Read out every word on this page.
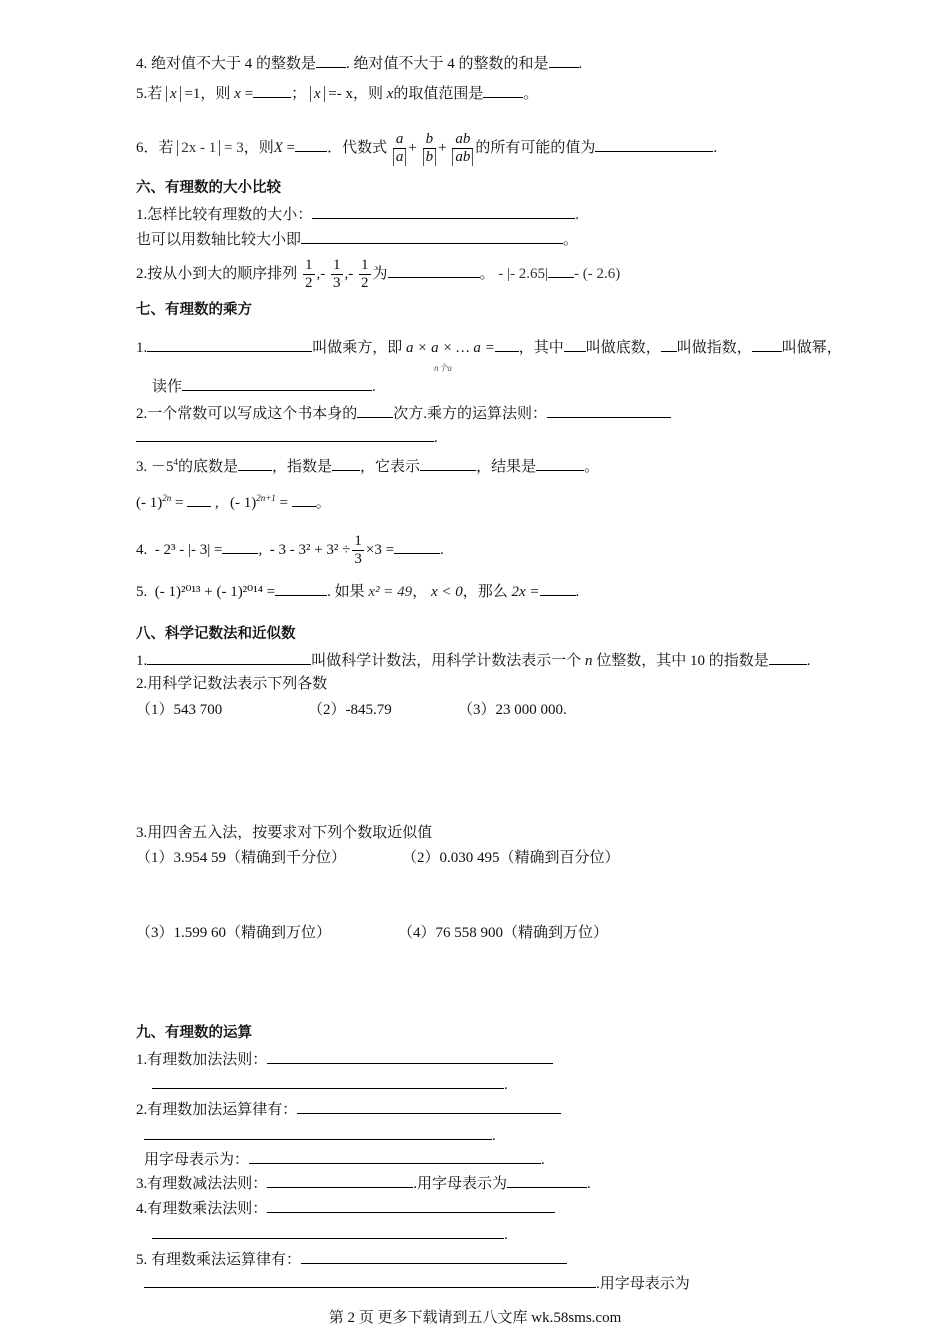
4. 绝对值不大于 4 的整数是 . 绝对值不大于 4 的整数的和是 .
5.若 x =1，则 x =	； x =- x，则 x的取值范围是	。
6．若 2x - 1 = 3，则X = ．代数式 $\frac{a}{a} + \frac{b}{b} + \frac{ab}{ab}$ 的所有可能的值为	.
六、有理数的大小比较
1.怎样比较有理数的大小：	.
也可以用数轴比较大小即	。
2.按从小到大的顺序排列 $\frac{1}{2}$ ,- $\frac{1}{3}$ ,- $\frac{1}{2}$ 为	。 - |- 2.65| - (- 2.6)
七、有理数的乘方
1.	叫做乘方，即 a × a × … a =
n个a
，其中 叫做底数， 叫做指数， 叫做幂，
读作	.
2.一个常数可以写成这个书本身的 次方.乘方的运算法则：
.
3. $-5^4$的底数是 ，指数是 ，它表示	，结果是	。
(- 1)$^{2n}$ =  ,   (- 1)$^{2n+1}$ = 。
4. - 2³ - |- 3| = ,  - $3 - 3^2 + 3^2 \div \frac{1}{3} \times 3$ =	.
5. (- 1)²⁰¹³ + (- 1)²⁰¹⁴ =	. 如果 x² = 49， x < 0，那么 2x = .
八、科学记数法和近似数
1.	叫做科学计数法，用科学计数法表示一个 n 位整数，其中 10 的指数是	.
2.用科学记数法表示下列各数
（1）543 700	（2）-845.79	（3）23 000 000.
3.用四舍五入法，按要求对下列个数取近似值
（1）3.954 59（精确到千分位）	（2）0.030 495（精确到百分位）
（3）1.599 60（精确到万位）	（4）76 558 900（精确到万位）
九、有理数的运算
1.有理数加法法则：
.
2.有理数加法运算律有：
.
用字母表示为：	.
3.有理数减法法则：	.用字母表示为	.
4.有理数乘法法则：
.
5. 有理数乘法运算律有：
.用字母表示为
第 2 页 更多下载请到五八文库 wk.58sms.com
